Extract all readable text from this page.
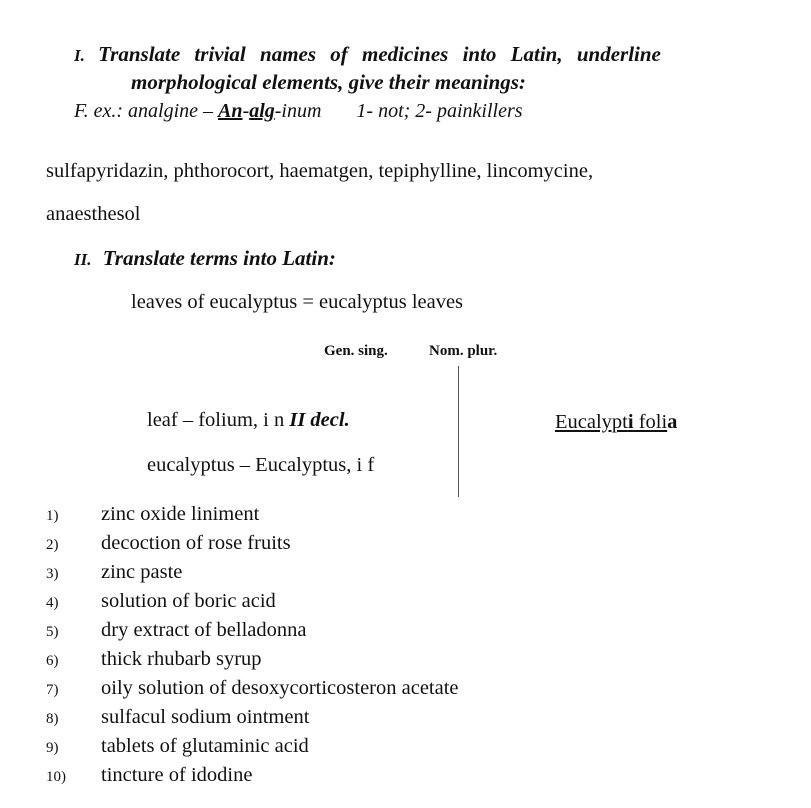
I. Translate trivial names of medicines into Latin, underline
morphological elements, give their meanings:
F. ex.: analgine – An-alg-inum 1- not; 2- painkillers
sulfapyridazin, phthorocort, haematgen, tepiphylline, lincomycine,
anaesthesol
II. Translate terms into Latin:
leaves of eucalyptus = eucalyptus leaves
Gen. sing.	Nom. plur.
leaf – folium, i n II decl.
eucalyptus – Eucalyptus, i f
Eucalypti folia
1) zinc oxide liniment
2) decoction of rose fruits
3) zinc paste
4) solution of boric acid
5) dry extract of belladonna
6) thick rhubarb syrup
7) oily solution of desoxycorticosteron acetate
8) sulfacul sodium ointment
9) tablets of glutaminic acid
10) tincture of idodine
